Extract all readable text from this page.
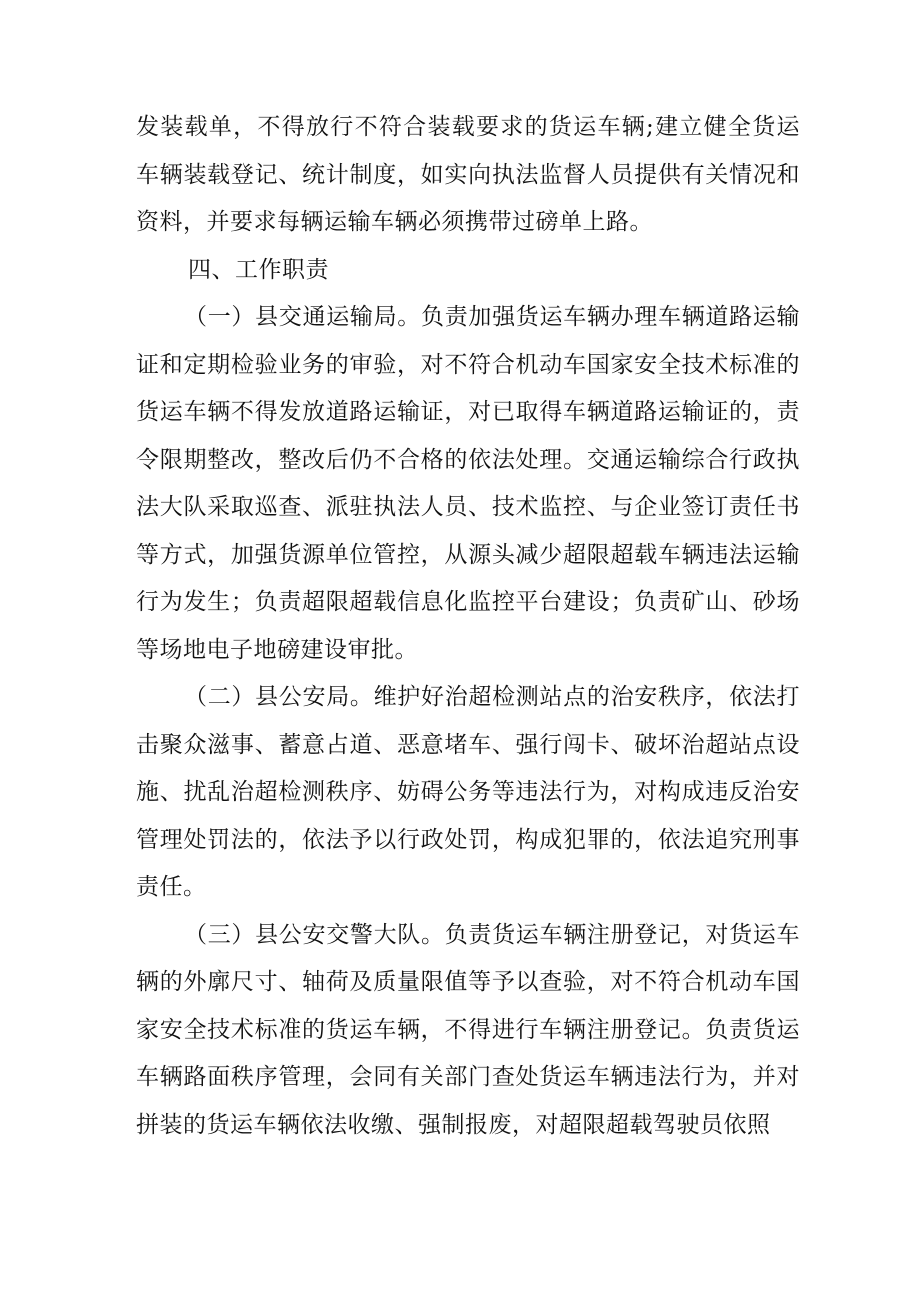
发装载单，不得放行不符合装载要求的货运车辆;建立健全货运车辆装载登记、统计制度，如实向执法监督人员提供有关情况和资料，并要求每辆运输车辆必须携带过磅单上路。

四、工作职责

（一）县交通运输局。负责加强货运车辆办理车辆道路运输证和定期检验业务的审验，对不符合机动车国家安全技术标准的货运车辆不得发放道路运输证，对已取得车辆道路运输证的，责令限期整改，整改后仍不合格的依法处理。交通运输综合行政执法大队采取巡查、派驻执法人员、技术监控、与企业签订责任书等方式，加强货源单位管控，从源头减少超限超载车辆违法运输行为发生；负责超限超载信息化监控平台建设；负责矿山、砂场等场地电子地磅建设审批。

（二）县公安局。维护好治超检测站点的治安秩序，依法打击聚众滋事、蓄意占道、恶意堵车、强行闯卡、破坏治超站点设施、扰乱治超检测秩序、妨碍公务等违法行为，对构成违反治安管理处罚法的，依法予以行政处罚，构成犯罪的，依法追究刑事责任。

（三）县公安交警大队。负责货运车辆注册登记，对货运车辆的外廓尺寸、轴荷及质量限值等予以查验，对不符合机动车国家安全技术标准的货运车辆，不得进行车辆注册登记。负责货运车辆路面秩序管理，会同有关部门查处货运车辆违法行为，并对拼装的货运车辆依法收缴、强制报废，对超限超载驾驶员依照
